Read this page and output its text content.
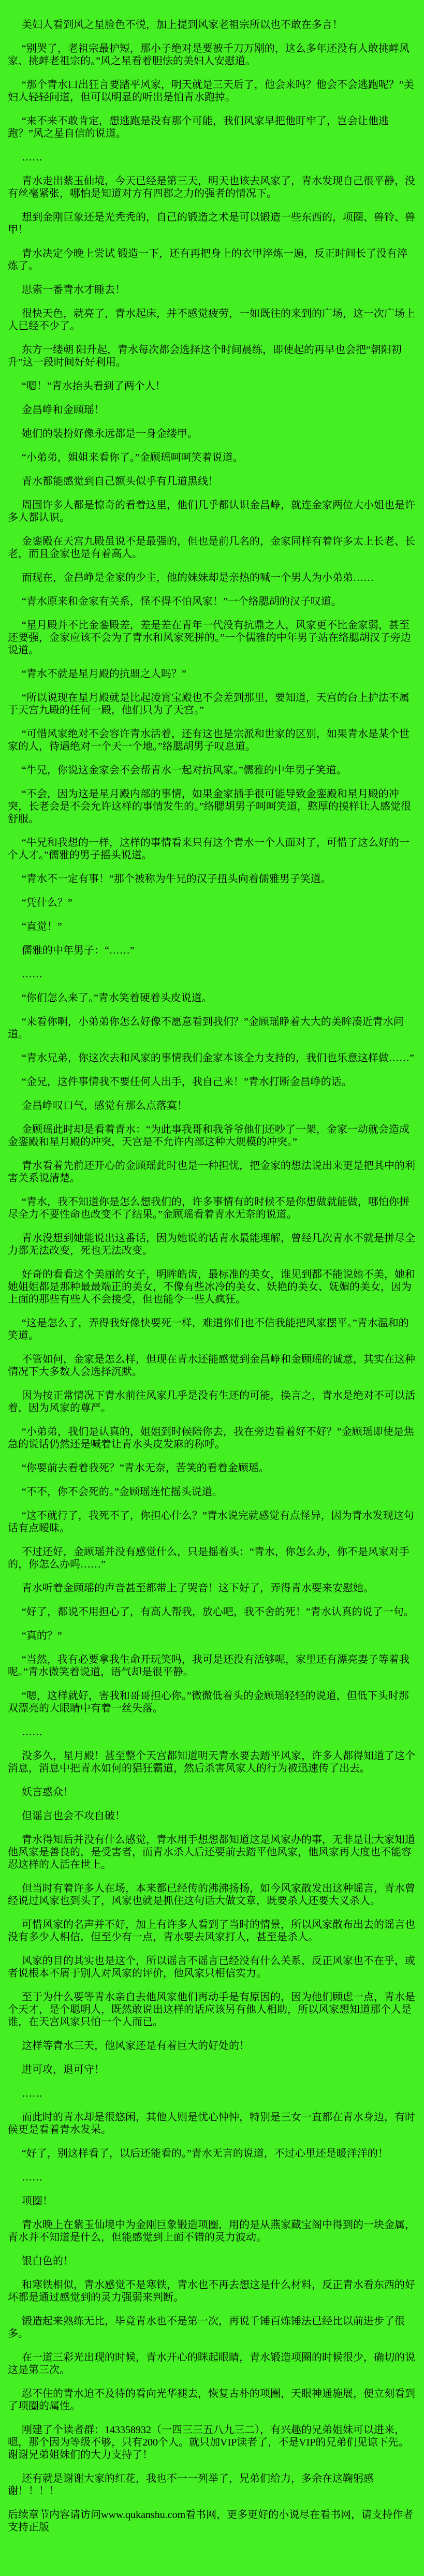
美妇人看到风之星脸色不悦，加上提到风家老祖宗所以也不敢在多言！

“别哭了，老祖宗最护短，那小子绝对是要被千刀万剐的，这么多年还没有人敢挑衅风家、挑衅老祖宗的。”风之星看着胆怯的美妇人安慰道。

“那个青水口出狂言要踏平风家，明天就是三天后了，他会来吗？他会不会逃跑呢？”美妇人轻轻问道，但可以明显的听出是怕青水跑掉。

“来不来不敢肯定，想逃跑是没有那个可能，我们风家早把他盯牢了，岂会让他逃跑？”风之星自信的说道。

……

青水走出紫玉仙境，今天已经是第三天，明天也该去风家了，青水发现自己很平静，没有丝毫紧张，哪怕是知道对方有四郡之力的强者的情况下。

想到金刚巨象还是光秃秃的，自己的锻造之术是可以锻造一些东西的，项圈、兽铃、兽甲！

青水决定今晚上尝试 锻造一下，还有再把身上的衣甲淬炼一遍，反正时间长了没有淬炼了。

思索一番青水才睡去！

很快天色，就亮了，青水起床，并不感觉疲劳，一如既往的来到的广场，这一次广场上人已经不少了。

东方一缕朝 阳升起，青水每次都会选择这个时间晨练，即使起的再早也会把“朝阳初升”这一段时间好好利用。

“嗯！”青水抬头看到了两个人！

金昌峥和金顾瑶！

她们的装扮好像永远都是一身金缕甲。

“小弟弟，姐姐来看你了。”金顾瑶呵呵笑着说道。

青水都能感觉到自己额头似乎有几道黑线！

周围许多人都是惊奇的看着这里，他们几乎都认识金昌峥，就连金家两位大小姐也是许多人都认识。

金銮殿在天宫九殿虽说不是最强的，但也是前几名的，金家同样有着许多太上长老、长老，而且金家也是有着高人。

而现在，金昌峥是金家的少主，他的妹妹却是亲热的喊一个男人为小弟弟……

“青水原来和金家有关系，怪不得不怕风家！”一个络腮胡的汉子叹道。

“星月殿并不比金銮殿差，差是差在青年一代没有抗鼎之人，风家更不比金家弱，甚至还要强，金家应该不会为了青水和风家死拼的。”一个儒雅的中年男子站在络腮胡汉子旁边说道。

“青水不就是星月殿的抗鼎之人吗？”

“所以说现在星月殿就是比起凌霄宝殿也不会差到那里，要知道，天宫的台上护法不属于天宫九殿的任何一殿，他们只为了天宫。”

“可惜风家绝对不会容许青水活着，还有这也是宗派和世家的区别，如果青水是某个世家的人，待遇绝对一个天一个地。”络腮胡男子叹息道。

“牛兄，你说这金家会不会帮青水一起对抗风家。”儒雅的中年男子笑道。

“不会，因为这是星月殿内部的事情，如果金家插手很可能导致金銮殿和星月殿的冲突，长老会是不会允许这样的事情发生的。”络腮胡男子呵呵笑道，憨厚的摸样让人感觉很舒服。

“牛兄和我想的一样，这样的事情看来只有这个青水一个人面对了，可惜了这么好的一个人才。”儒雅的男子摇头说道。

“青水不一定有事！”那个被称为牛兄的汉子扭头向着儒雅男子笑道。

“凭什么？”

“直觉！”

儒雅的中年男子：“……”

……

“你们怎么来了。”青水笑着硬着头皮说道。

“来看你啊，小弟弟你怎么好像不愿意看到我们？”金顾瑶睁着大大的美眸凑近青水问道。

“青水兄弟，你这次去和风家的事情我们金家本该全力支持的，我们也乐意这样做……”

“金兄，这件事情我不要任何人出手，我自己来！”青水打断金昌峥的话。

金昌峥叹口气，感觉有那么点落寞！

金顾瑶此时却是看着青水：“为此事我哥和我爷爷他们还吵了一架，金家一动就会造成金銮殿和星月殿的冲突，天宫是不允许内部这种大规模的冲突。”

青水看着先前还开心的金顾瑶此时也是一种担忧，把金家的想法说出来更是把其中的利害关系说清楚。

“青水，我不知道你是怎么想我们的，许多事情有的时候不是你想做就能做，哪怕你拼尽全力不要性命也改变不了结果。”金顾瑶看着青水无奈的说道。

青水没想到她能说出这番话，因为她说的话青水最能理解，曾经几次青水不就是拼尽全力都无法改变，死也无法改变。

好奇的看看这个美丽的女子，明眸皓齿，最标准的美女，谁见到都不能说她不美，她和她姐姐都是那种最最端正的美女，不像有些冰冷的美女、妖艳的美女、妩媚的美女，因为上面的那些有些人不会接受，但也能令一些人疯狂。

“这是怎么了，弄得我好像快要死一样，难道你们也不信我能把风家摆平。”青水温和的笑道。

不管如何，金家是怎么样，但现在青水还能感觉到金昌峥和金顾瑶的诚意，其实在这种情况下大多数人会选择沉默。

因为按正常情况下青水前往风家几乎是没有生还的可能，换言之，青水是绝对不可以活着，因为风家的尊严。

“小弟弟，我们是认真的，姐姐到时候陪你去，我在旁边看着好不好？”金顾瑶即使是焦急的说话仍然还是喊着让青水头皮发麻的称呼。

“你要前去看着我死？”青水无奈，苦笑的看着金顾瑶。

“不不，你不会死的。”金顾瑶连忙摇头说道。

“这不就行了，我死不了，你担心什么？”青水说完就感觉有点怪异，因为青水发现这句话有点暧昧。

不过还好，金顾瑶并没有感觉什么，只是摇着头：“青水，你怎么办，你不是风家对手的，你怎么办吗……”

青水听着金顾瑶的声音甚至都带上了哭音！这下好了，弄得青水要来安慰她。

“好了，都说不用担心了，有高人帮我，放心吧，我不舍的死！”青水认真的说了一句。

“真的？”

“当然，我有必要拿我生命开玩笑吗，我可是还没有活够呢，家里还有漂亮妻子等着我呢。”青水微笑着说道，语气却是很平静。

“嗯，这样就好，害我和哥哥担心你。”微微低着头的金顾瑶轻轻的说道，但低下头时那双漂亮的大眼睛中有着一丝失落。

……

没多久，星月殿！甚至整个天宫都知道明天青水要去踏平风家，许多人都得知道了这个消息，消息中把青水如何的猖狂霸道，然后杀害风家人的行为被迅速传了出去。

妖言惑众！

但谣言也会不攻自破！

青水得知后并没有什么感觉，青水用手想想都知道这是风家办的事，无非是让大家知道他风家是善良的，是受害者，而青水杀人后还要前去踏平他风家，他风家再大度也不能容忍这样的人活在世上。

但当时有着许多人在场，本来都已经传的沸沸扬扬，如今风家散发出这种谣言，青水曾经说过风家也到头了，风家也就是抓住这句话大做文章，既要杀人还要大义杀人。

可惜风家的名声并不好，加上有许多人看到了当时的情景，所以风家散布出去的谣言也没有多少人相信，但至少有一点，青水要去风家打人，甚至是杀人。

风家的目的其实也是这个，所以谣言不谣言已经没有什么关系，反正风家也不在乎，或者说根本不屑于别人对风家的评价，他风家只相信实力。

至于为什么要等青水亲自去他风家他们再动手是有原因的，因为他们顾虑一点，青水是个天才，是个聪明人，既然敢说出这样的话应该另有他人相助，所以风家想知道那个人是谁，在天宫风家只怕一个人而已。

这样等青水三天，他风家还是有着巨大的好处的！

进可攻，退可守！

……

而此时的青水却是很悠闲，其他人则是忧心忡忡，特别是三女一直都在青水身边，有时候更是看着青水发呆。

“好了，别这样看了，以后还能看的。”青水无言的说道，不过心里还是暖洋洋的！

……

项圈！

青水晚上在紫玉仙境中为金刚巨象锻造项圈，用的是从燕家藏宝阁中得到的一块金属，青水并不知道是什么，但能感觉到上面不错的灵力波动。

银白色的！

和寒铁相似，青水感觉不是寒铁，青水也不再去想这是什么材料，反正青水看东西的好坏都是通过感觉到的灵力强弱来判断。

锻造起来熟练无比，毕竟青水也不是第一次，再说千锤百炼锤法已经比以前进步了很多。

在一道三彩光出现的时候，青水开心的眯起眼睛，青水锻造项圈的时候很少，确切的说这是第三次。

忍不住的青水迫不及待的看向光华褪去，恢复古朴的项圈，天眼神通施展，便立刻看到了项圈的属性。

刚建了个读者群：143358932（一四三三五八九三二），有兴趣的兄弟姐妹可以进来，嗯，那个因为等级不够，只有200个人。就只加VIP读者了，不是VIP的兄弟们见谅下先。谢谢兄弟姐妹们的大力支持了！

还有就是谢谢大家的红花，我也不一一列举了，兄弟们给力，多余在这鞠躬感谢！！！！

后续章节内容请访问www.qukanshu.com看书网，更多更好的小说尽在看书网，请支持作者支持正版
